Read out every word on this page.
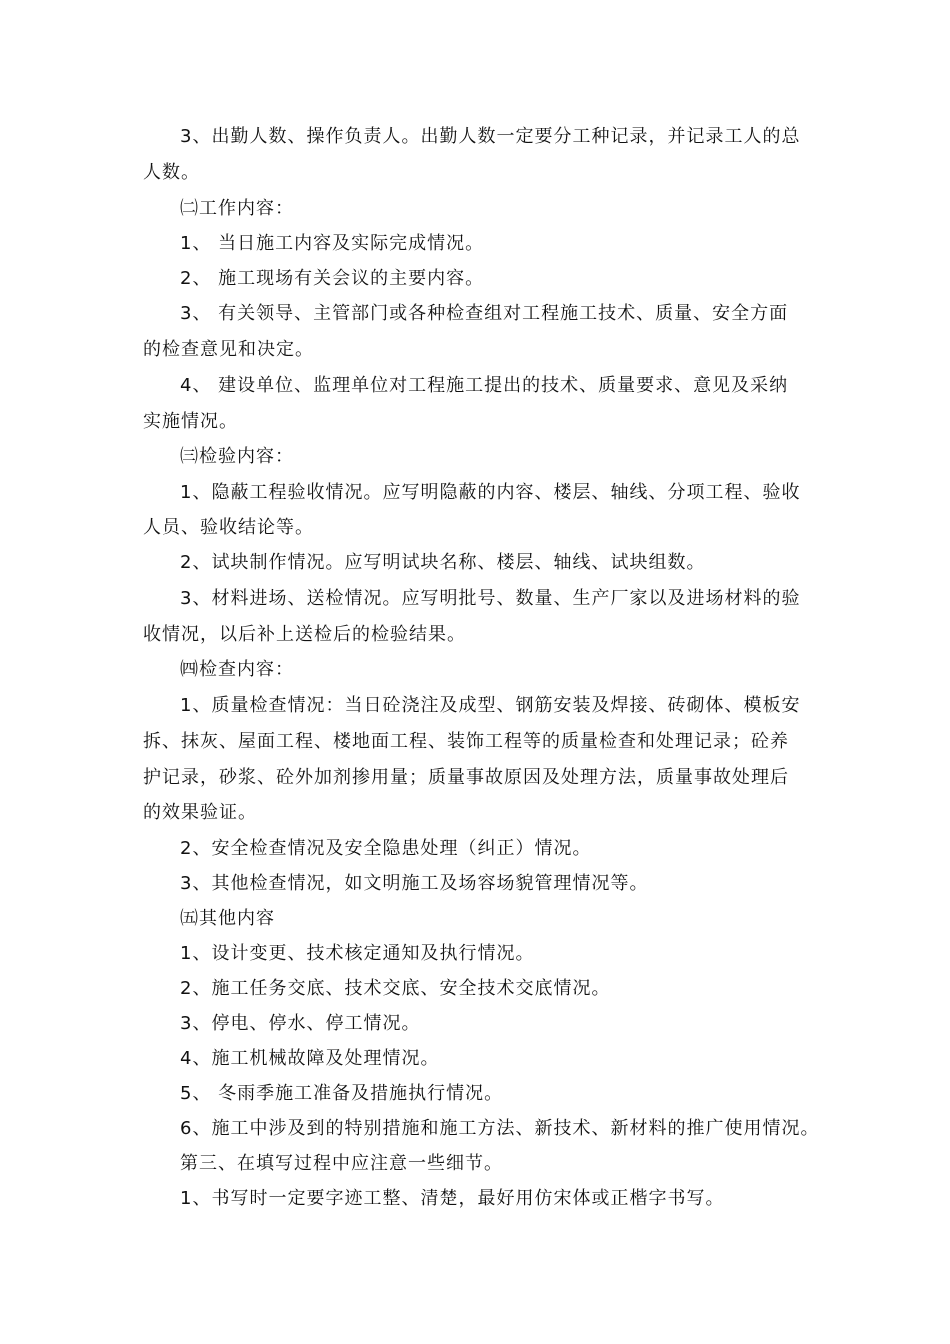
3、出勤人数、操作负责人。出勤人数一定要分工种记录，并记录工人的总
人数。
㈡工作内容：
1、 当日施工内容及实际完成情况。
2、 施工现场有关会议的主要内容。
3、 有关领导、主管部门或各种检查组对工程施工技术、质量、安全方面
的检查意见和决定。
4、 建设单位、监理单位对工程施工提出的技术、质量要求、意见及采纳
实施情况。
㈢检验内容：
1、隐蔽工程验收情况。应写明隐蔽的内容、楼层、轴线、分项工程、验收
人员、验收结论等。
2、试块制作情况。应写明试块名称、楼层、轴线、试块组数。
3、材料进场、送检情况。应写明批号、数量、生产厂家以及进场材料的验
收情况，以后补上送检后的检验结果。
㈣检查内容：
1、质量检查情况：当日砼浇注及成型、钢筋安装及焊接、砖砌体、模板安
拆、抹灰、屋面工程、楼地面工程、装饰工程等的质量检查和处理记录；砼养
护记录，砂浆、砼外加剂掺用量；质量事故原因及处理方法，质量事故处理后
的效果验证。
2、安全检查情况及安全隐患处理（纠正）情况。
3、其他检查情况，如文明施工及场容场貌管理情况等。
㈤其他内容
1、设计变更、技术核定通知及执行情况。
2、施工任务交底、技术交底、安全技术交底情况。
3、停电、停水、停工情况。
4、施工机械故障及处理情况。
5、 冬雨季施工准备及措施执行情况。
6、施工中涉及到的特别措施和施工方法、新技术、新材料的推广使用情况。
第三、在填写过程中应注意一些细节。
1、书写时一定要字迹工整、清楚，最好用仿宋体或正楷字书写。
